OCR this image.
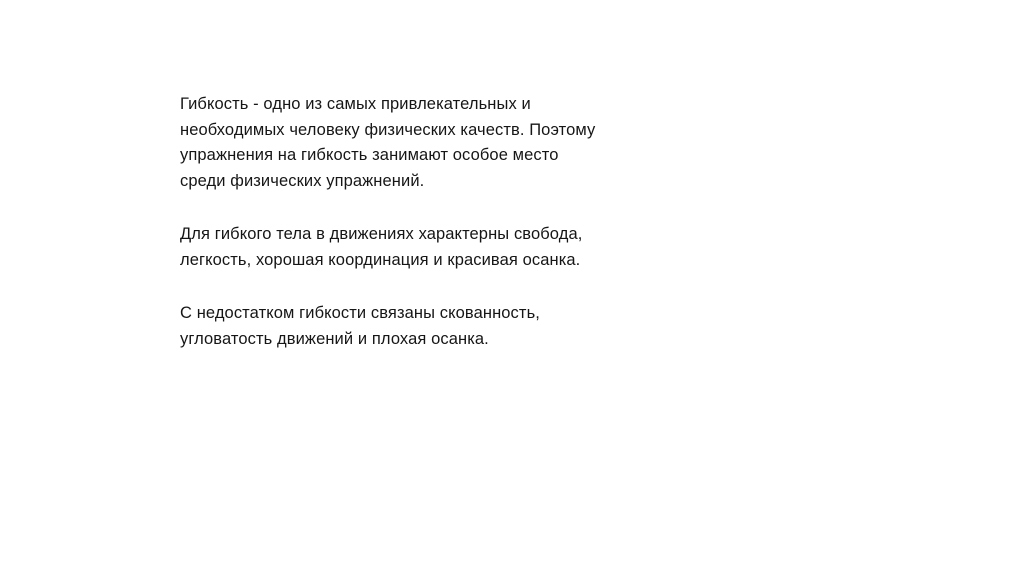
Гибкость - одно из самых привлекательных и необходимых человеку физических качеств. Поэтому упражнения на гибкость занимают особое место среди физических упражнений.

Для гибкого тела в движениях характерны свобода, легкость, хорошая координация и красивая осанка.

С недостатком гибкости связаны скованность, угловатость движений и плохая осанка.
